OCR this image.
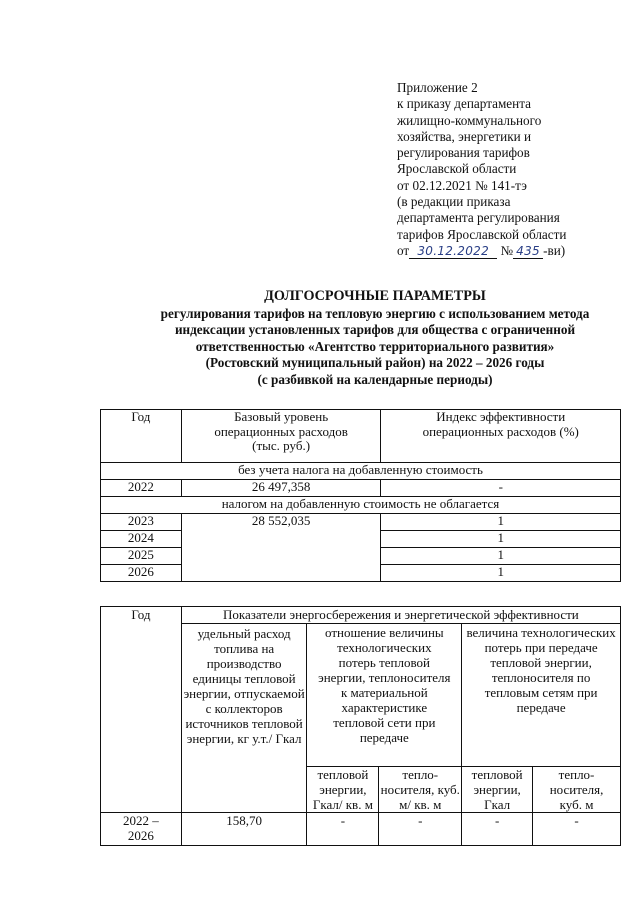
Приложение 2
к приказу департамента
жилищно-коммунального
хозяйства, энергетики и
регулирования тарифов
Ярославской области
от 02.12.2021 № 141-тэ
(в редакции приказа
департамента регулирования
тарифов Ярославской области
от 30.12.2022 № 435 -ви)
ДОЛГОСРОЧНЫЕ ПАРАМЕТРЫ
регулирования тарифов на тепловую энергию с использованием метода
индексации установленных тарифов для общества с ограниченной
ответственностью «Агентство территориального развития»
(Ростовский муниципальный район) на 2022 – 2026 годы
(с разбивкой на календарные периоды)
Год	Базовый уровень операционных расходов (тыс. руб.)	Индекс эффективности операционных расходов (%)
без учета налога на добавленную стоимость		
2022	26 497,358	-
налогом на добавленную стоимость не облагается		
2023	28 552,035	1
2024		1
2025		1
2026		1
Год	Показатели энергосбережения и энергетической эффективности				
	удельный расход топлива на производство единицы тепловой энергии, отпускаемой с коллекторов источников тепловой энергии, кг у.т./ Гкал	отношение величины технологических потерь тепловой энергии, теплоносителя к материальной характеристике тепловой сети при передаче		величина технологических потерь при передаче тепловой энергии, теплоносителя по тепловым сетям при передаче	
		тепловой энергии, Гкал/ кв. м	тепло-носителя, куб. м/ кв. м	тепловой энергии, Гкал	тепло-носителя, куб. м
2022 – 2026	158,70	-	-	-	-
